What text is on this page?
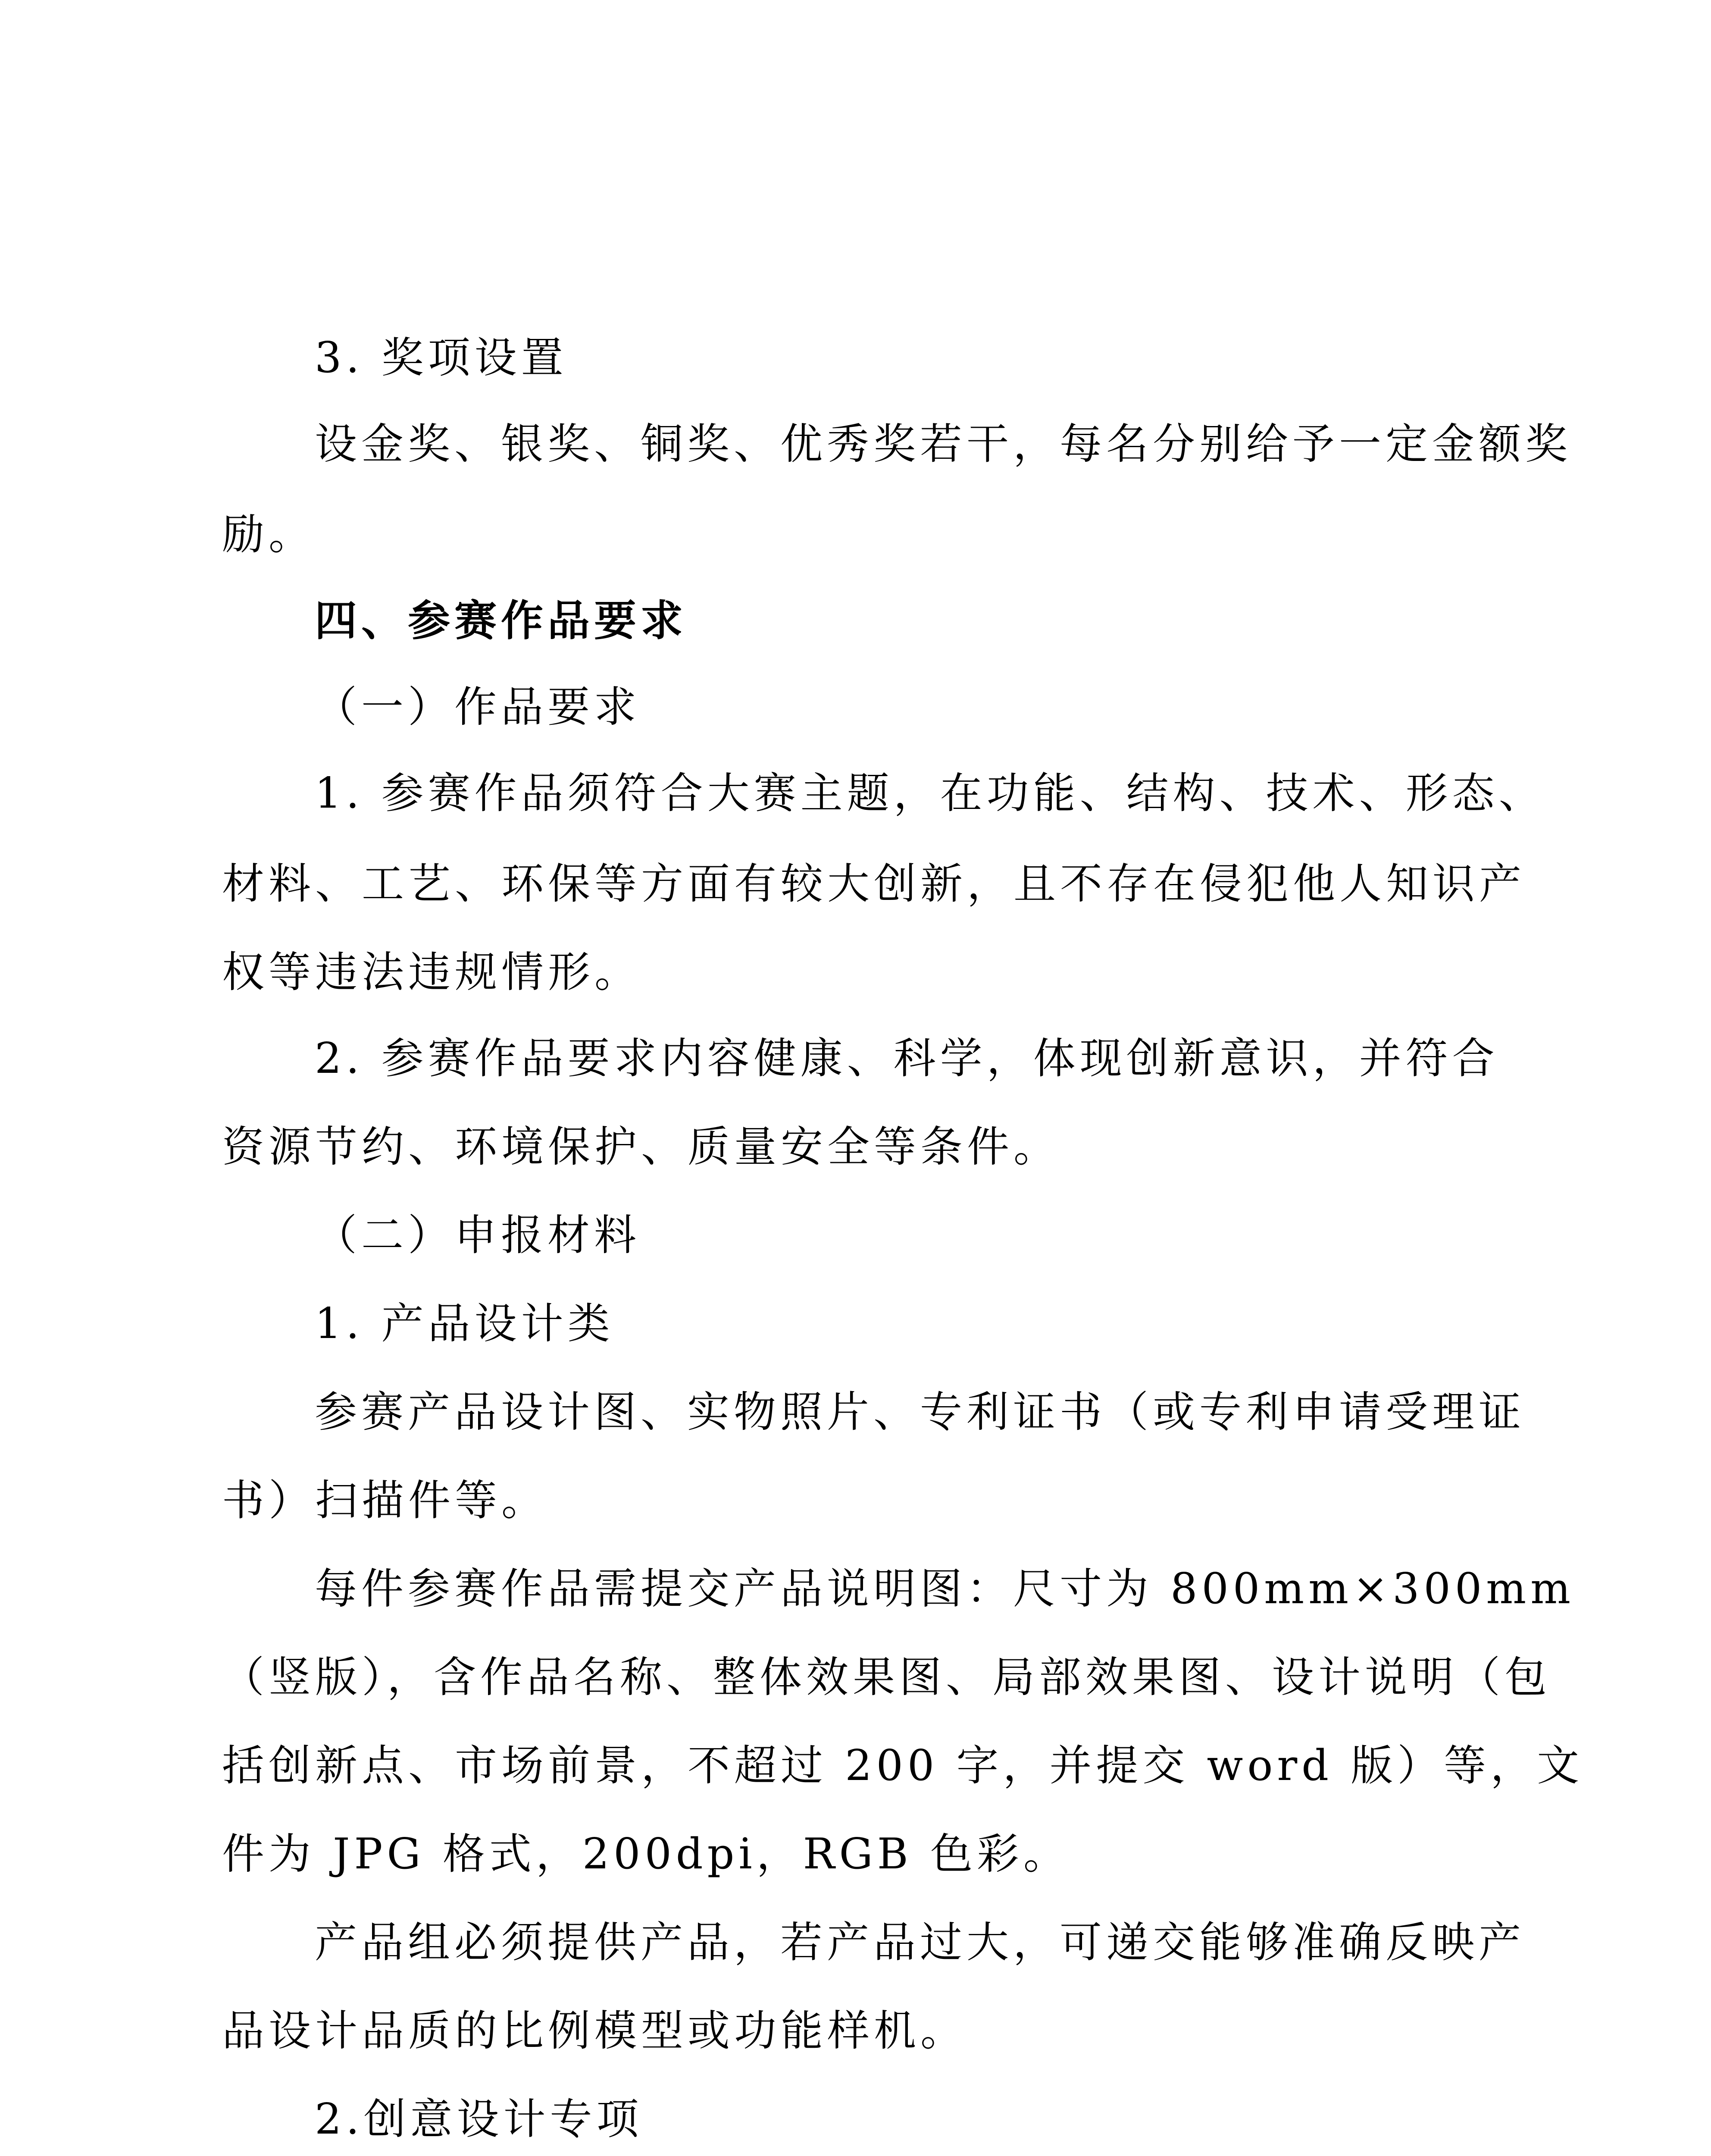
3. 奖项设置
设金奖、银奖、铜奖、优秀奖若干，每名分别给予一定金额奖
励。
四、参赛作品要求
（一）作品要求
1. 参赛作品须符合大赛主题，在功能、结构、技术、形态、
材料、工艺、环保等方面有较大创新，且不存在侵犯他人知识产
权等违法违规情形。
2. 参赛作品要求内容健康、科学，体现创新意识，并符合
资源节约、环境保护、质量安全等条件。
（二）申报材料
1. 产品设计类
参赛产品设计图、实物照片、专利证书（或专利申请受理证
书）扫描件等。
每件参赛作品需提交产品说明图：尺寸为 800mm×300mm
（竖版），含作品名称、整体效果图、局部效果图、设计说明（包
括创新点、市场前景，不超过 200 字，并提交 word 版）等，文
件为 JPG 格式，200dpi，RGB 色彩。
产品组必须提供产品，若产品过大，可递交能够准确反映产
品设计品质的比例模型或功能样机。
2.创意设计专项
